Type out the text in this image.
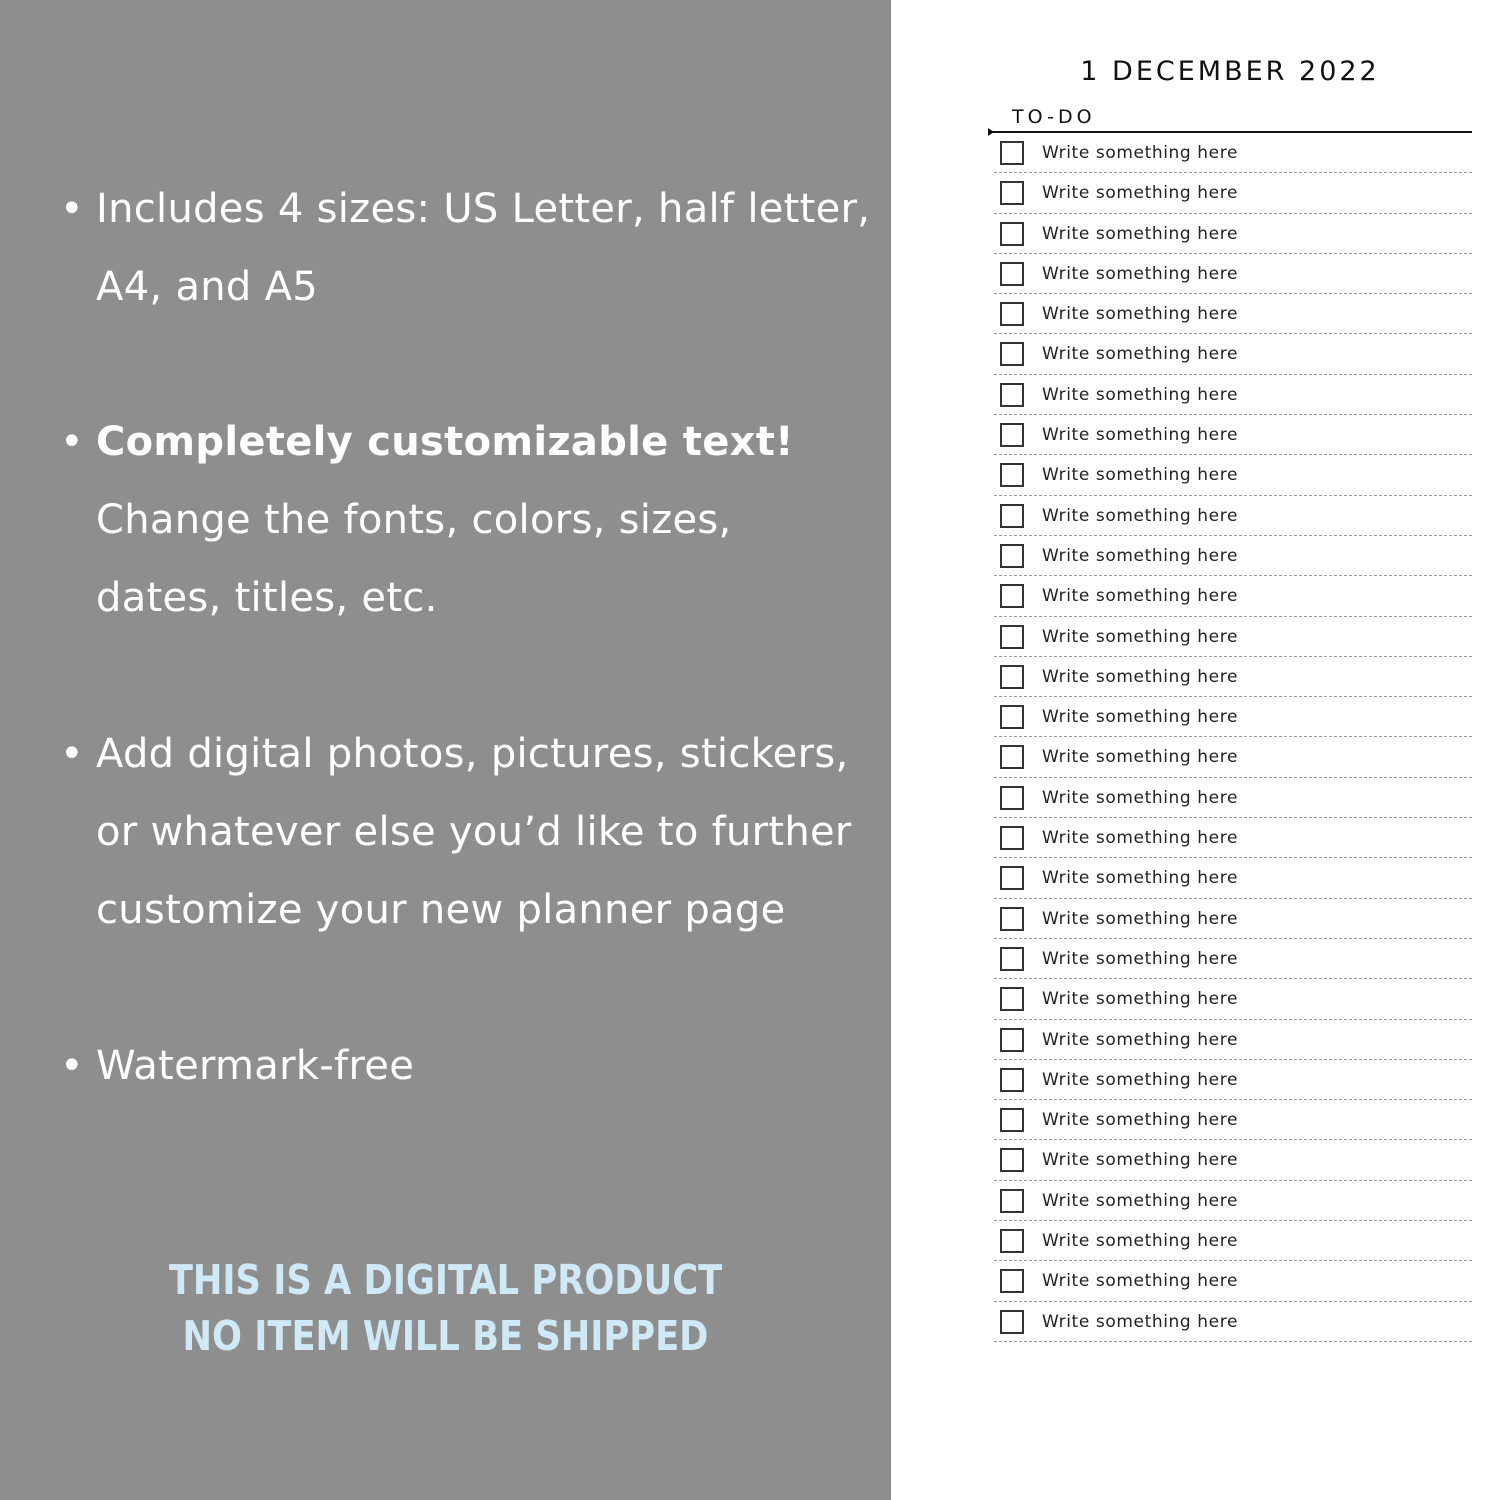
• Includes 4 sizes: US Letter, half letter,
A4, and A5
• Completely customizable text!
Change the fonts, colors, sizes,
dates, titles, etc.
• Add digital photos, pictures, stickers,
or whatever else you’d like to further
customize your new planner page
• Watermark-free
THIS IS A DIGITAL PRODUCT
NO ITEM WILL BE SHIPPED
1 DECEMBER 2022
TO-DO
Write something here
Write something here
Write something here
Write something here
Write something here
Write something here
Write something here
Write something here
Write something here
Write something here
Write something here
Write something here
Write something here
Write something here
Write something here
Write something here
Write something here
Write something here
Write something here
Write something here
Write something here
Write something here
Write something here
Write something here
Write something here
Write something here
Write something here
Write something here
Write something here
Write something here
